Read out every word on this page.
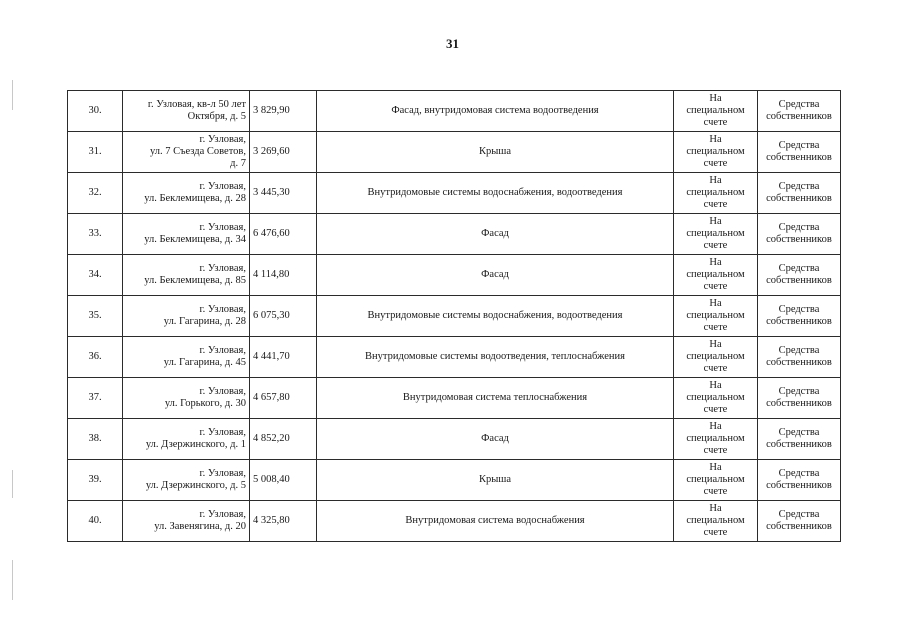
31
30.	г. Узловая, кв-л 50 лет
Октября, д. 5	3 829,90	Фасад, внутридомовая система водоотведения	На
специальном
счете	Средства
собственников

31.	г. Узловая,
ул. 7 Съезда Советов,
д. 7	3 269,60	Крыша	На
специальном
счете	Средства
собственников

32.	г. Узловая,
ул. Беклемищева, д. 28	3 445,30	Внутридомовые системы водоснабжения, водоотведения	На
специальном
счете	Средства
собственников

33.	г. Узловая,
ул. Беклемищева, д. 34	6 476,60	Фасад	На
специальном
счете	Средства
собственников

34.	г. Узловая,
ул. Беклемищева, д. 85	4 114,80	Фасад	На
специальном
счете	Средства
собственников

35.	г. Узловая,
ул. Гагарина, д. 28	6 075,30	Внутридомовые системы водоснабжения, водоотведения	На
специальном
счете	Средства
собственников

36.	г. Узловая,
ул. Гагарина, д. 45	4 441,70	Внутридомовые системы водоотведения, теплоснабжения	На
специальном
счете	Средства
собственников

37.	г. Узловая,
ул. Горького, д. 30	4 657,80	Внутридомовая система теплоснабжения	На
специальном
счете	Средства
собственников

38.	г. Узловая,
ул. Дзержинского, д. 1	4 852,20	Фасад	На
специальном
счете	Средства
собственников

39.	г. Узловая,
ул. Дзержинского, д. 5	5 008,40	Крыша	На
специальном
счете	Средства
собственников

40.	г. Узловая,
ул. Завенягина, д. 20	4 325,80	Внутридомовая система водоснабжения	На
специальном
счете	Средства
собственников
